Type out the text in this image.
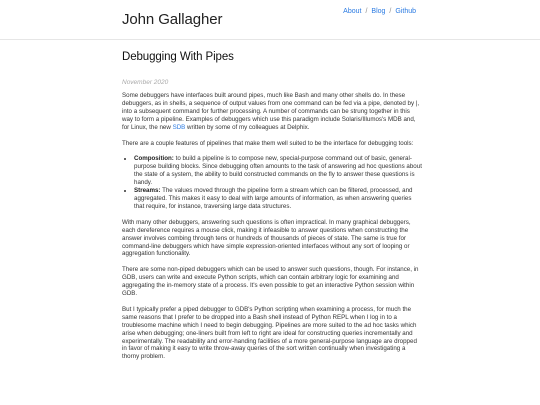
John Gallagher	About / Blog / Github
Debugging With Pipes

November 2020

Some debuggers have interfaces built around pipes, much like Bash and many other shells do. In these debuggers, as in shells, a sequence of output values from one command can be fed via a pipe, denoted by |, into a subsequent command for further processing. A number of commands can be strung together in this way to form a pipeline. Examples of debuggers which use this paradigm include Solaris/Illumos's MDB and, for Linux, the new SDB written by some of my colleagues at Delphix.

There are a couple features of pipelines that make them well suited to be the interface for debugging tools:

• Composition: to build a pipeline is to compose new, special-purpose command out of basic, general-purpose building blocks. Since debugging often amounts to the task of answering ad hoc questions about the state of a system, the ability to build constructed commands on the fly to answer these questions is handy.
• Streams: The values moved through the pipeline form a stream which can be filtered, processed, and aggregated. This makes it easy to deal with large amounts of information, as when answering queries that require, for instance, traversing large data structures.

With many other debuggers, answering such questions is often impractical. In many graphical debuggers, each dereference requires a mouse click, making it infeasible to answer questions when constructing the answer involves combing through tens or hundreds of thousands of pieces of state. The same is true for command-line debuggers which have simple expression-oriented interfaces without any sort of looping or aggregation functionality.

There are some non-piped debuggers which can be used to answer such questions, though. For instance, in GDB, users can write and execute Python scripts, which can contain arbitrary logic for examining and aggregating the in-memory state of a process. It's even possible to get an interactive Python session within GDB.

But I typically prefer a piped debugger to GDB's Python scripting when examining a process, for much the same reasons that I prefer to be dropped into a Bash shell instead of Python REPL when I log in to a troublesome machine which I need to begin debugging. Pipelines are more suited to the ad hoc tasks which arise when debugging; one-liners built from left to right are ideal for constructing queries incrementally and experimentally. The readability and error-handing facilities of a more general-purpose language are dropped in favor of making it easy to write throw-away queries of the sort written continually when investigating a thorny problem.
